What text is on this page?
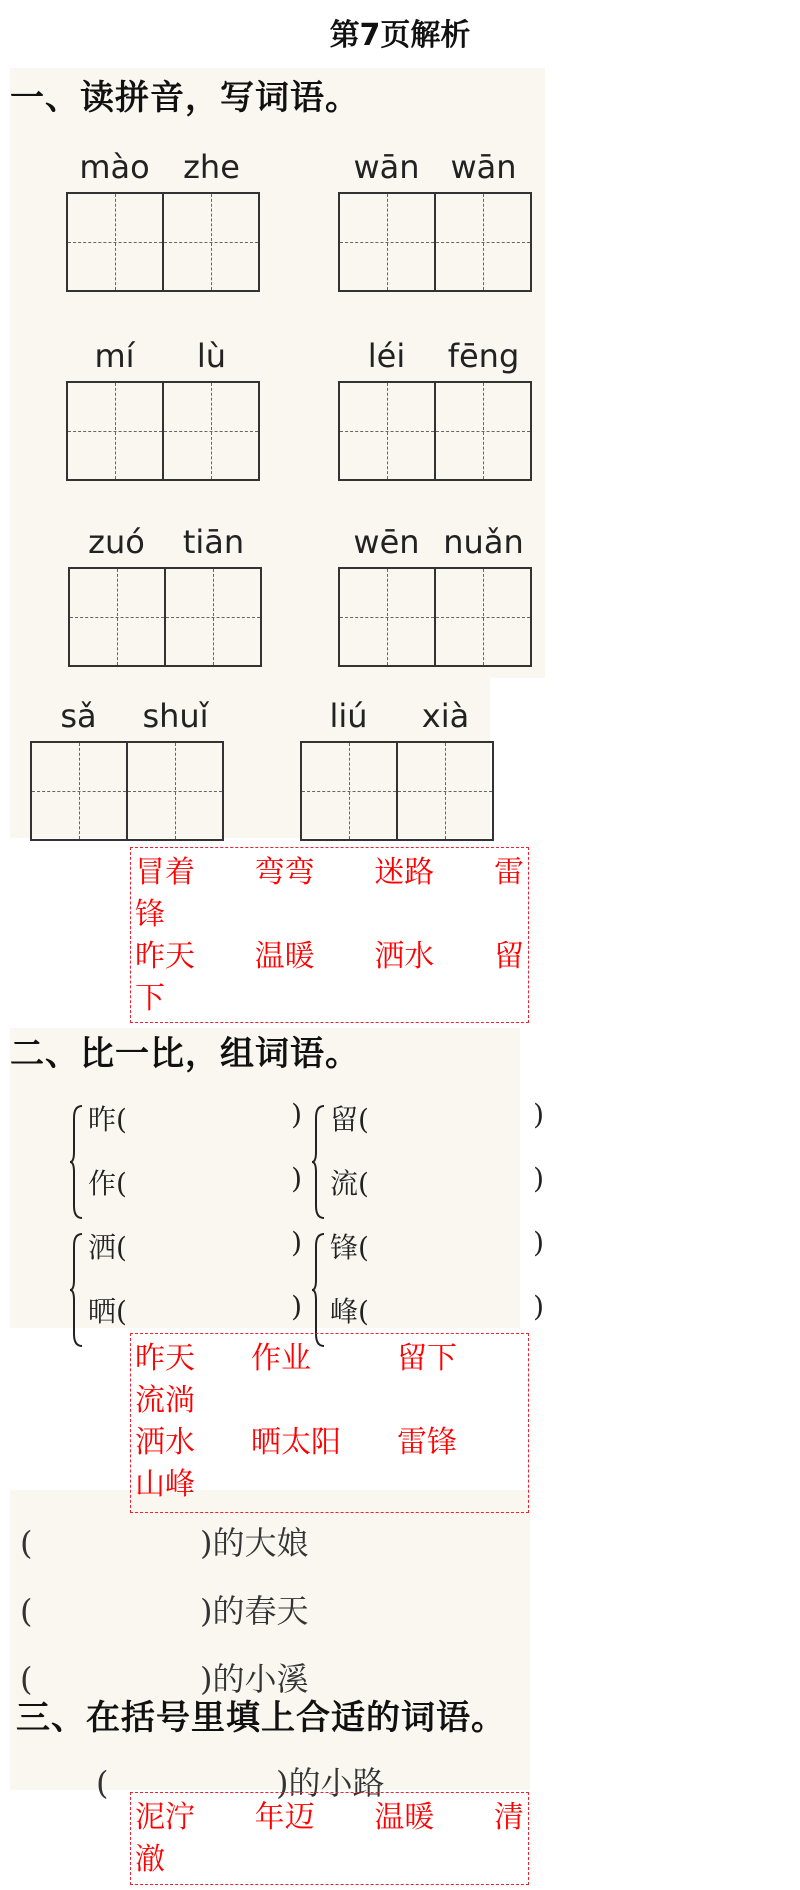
第7页解析
一、读拼音，写词语。
mào	zhe	wān wān
mí	lù	léi	fēng
zuó	tiān	wēn nuǎn
sǎ	shuǐ	liú	xià
冒着 弯弯 迷路 雷
锋
昨天 温暖 洒水 留
下
二、比一比，组词语。
昨(	)
作(	)
留(	)
流(	)
洒(	)
晒(	)
锋(	)
峰(	)
昨天	作业	留下
流淌
洒水	晒太阳	雷锋
山峰
(	)的大娘
(	)的春天
(	)的小溪
三、在括号里填上合适的词语。
(	)的小路
泥泞 年迈 温暖 清
澈
